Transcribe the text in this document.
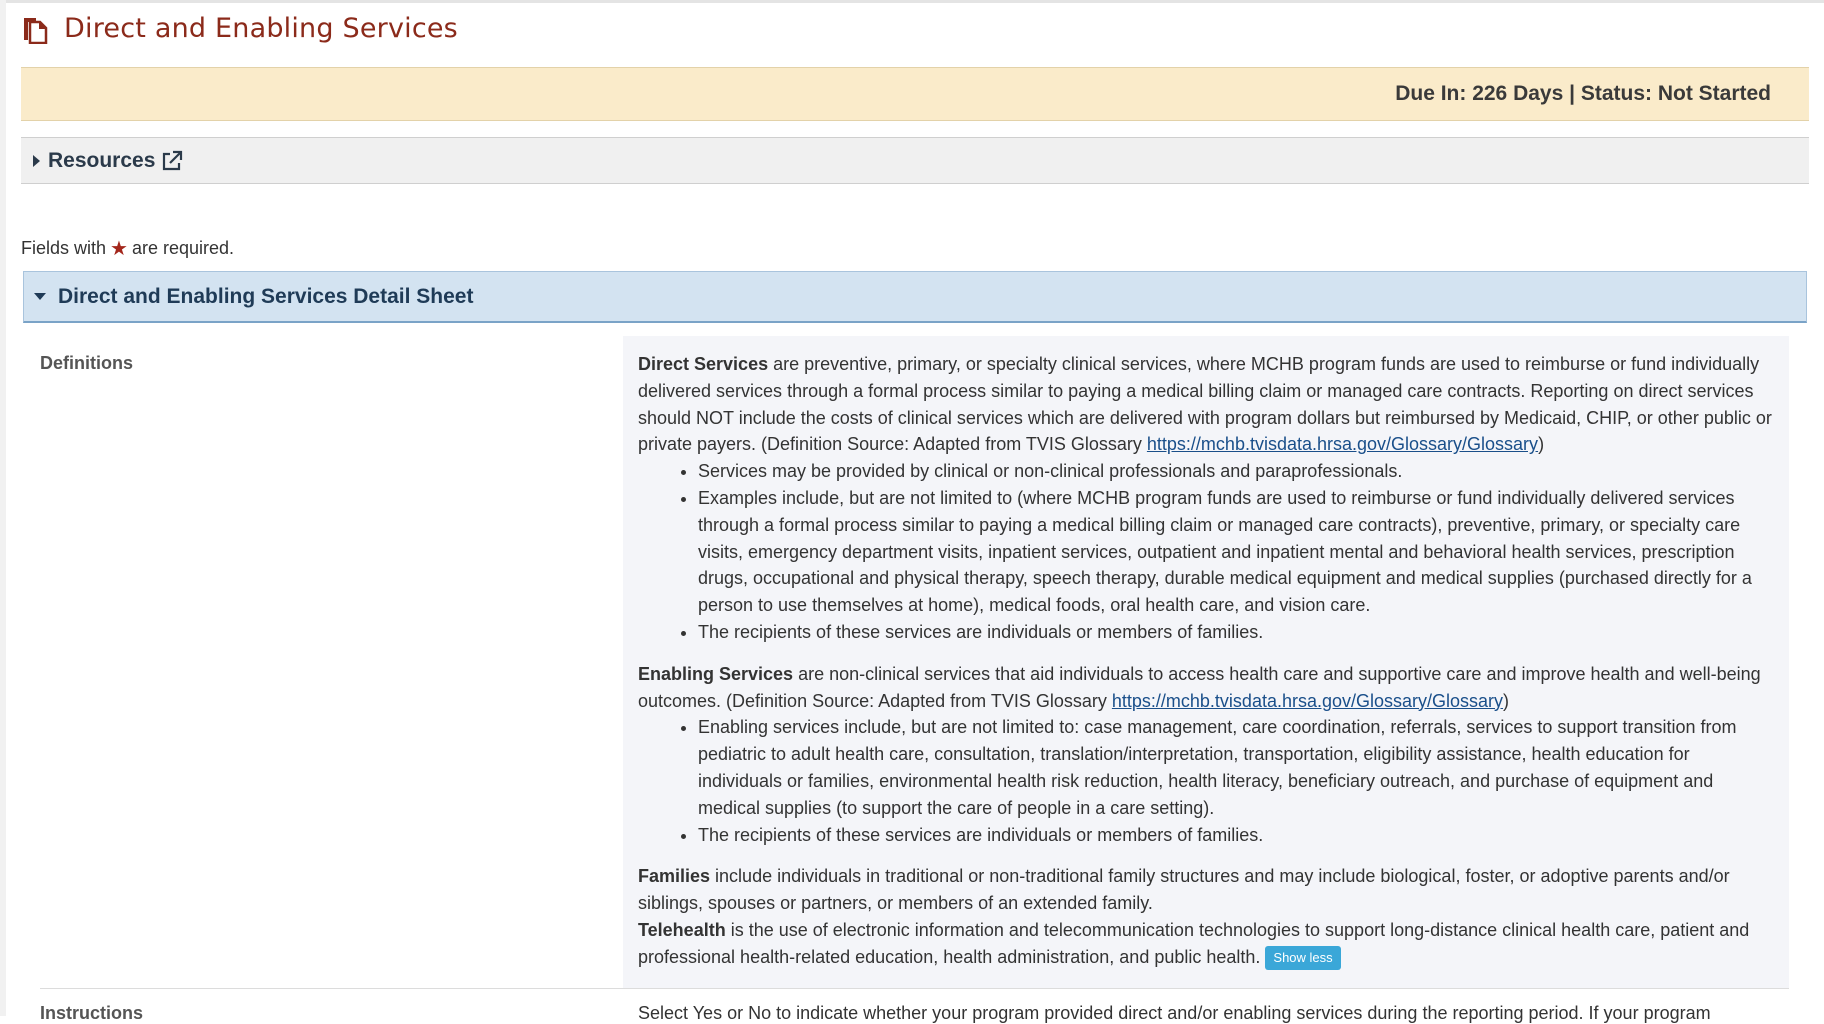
Direct and Enabling Services
Due In: 226 Days | Status: Not Started
Resources
Fields with ★ are required.
Direct and Enabling Services Detail Sheet
Definitions	Direct Services are preventive, primary, or specialty clinical services, where MCHB program funds are used to reimburse or fund individually delivered services through a formal process similar to paying a medical billing claim or managed care contracts. Reporting on direct services should NOT include the costs of clinical services which are delivered with program dollars but reimbursed by Medicaid, CHIP, or other public or private payers. (Definition Source: Adapted from TVIS Glossary https://mchb.tvisdata.hrsa.gov/Glossary/Glossary)

• Services may be provided by clinical or non-clinical professionals and paraprofessionals.
• Examples include, but are not limited to (where MCHB program funds are used to reimburse or fund individually delivered services through a formal process similar to paying a medical billing claim or managed care contracts), preventive, primary, or specialty care visits, emergency department visits, inpatient services, outpatient and inpatient mental and behavioral health services, prescription drugs, occupational and physical therapy, speech therapy, durable medical equipment and medical supplies (purchased directly for a person to use themselves at home), medical foods, oral health care, and vision care.
• The recipients of these services are individuals or members of families.

Enabling Services are non-clinical services that aid individuals to access health care and supportive care and improve health and well-being outcomes. (Definition Source: Adapted from TVIS Glossary https://mchb.tvisdata.hrsa.gov/Glossary/Glossary)

• Enabling services include, but are not limited to: case management, care coordination, referrals, services to support transition from pediatric to adult health care, consultation, translation/interpretation, transportation, eligibility assistance, health education for individuals or families, environmental health risk reduction, health literacy, beneficiary outreach, and purchase of equipment and medical supplies (to support the care of people in a care setting).
• The recipients of these services are individuals or members of families.

Families include individuals in traditional or non-traditional family structures and may include biological, foster, or adoptive parents and/or siblings, spouses or partners, or members of an extended family.

Telehealth is the use of electronic information and telecommunication technologies to support long-distance clinical health care, patient and professional health-related education, health administration, and public health. Show less

Instructions	Select Yes or No to indicate whether your program provided direct and/or enabling services during the reporting period. If your program
